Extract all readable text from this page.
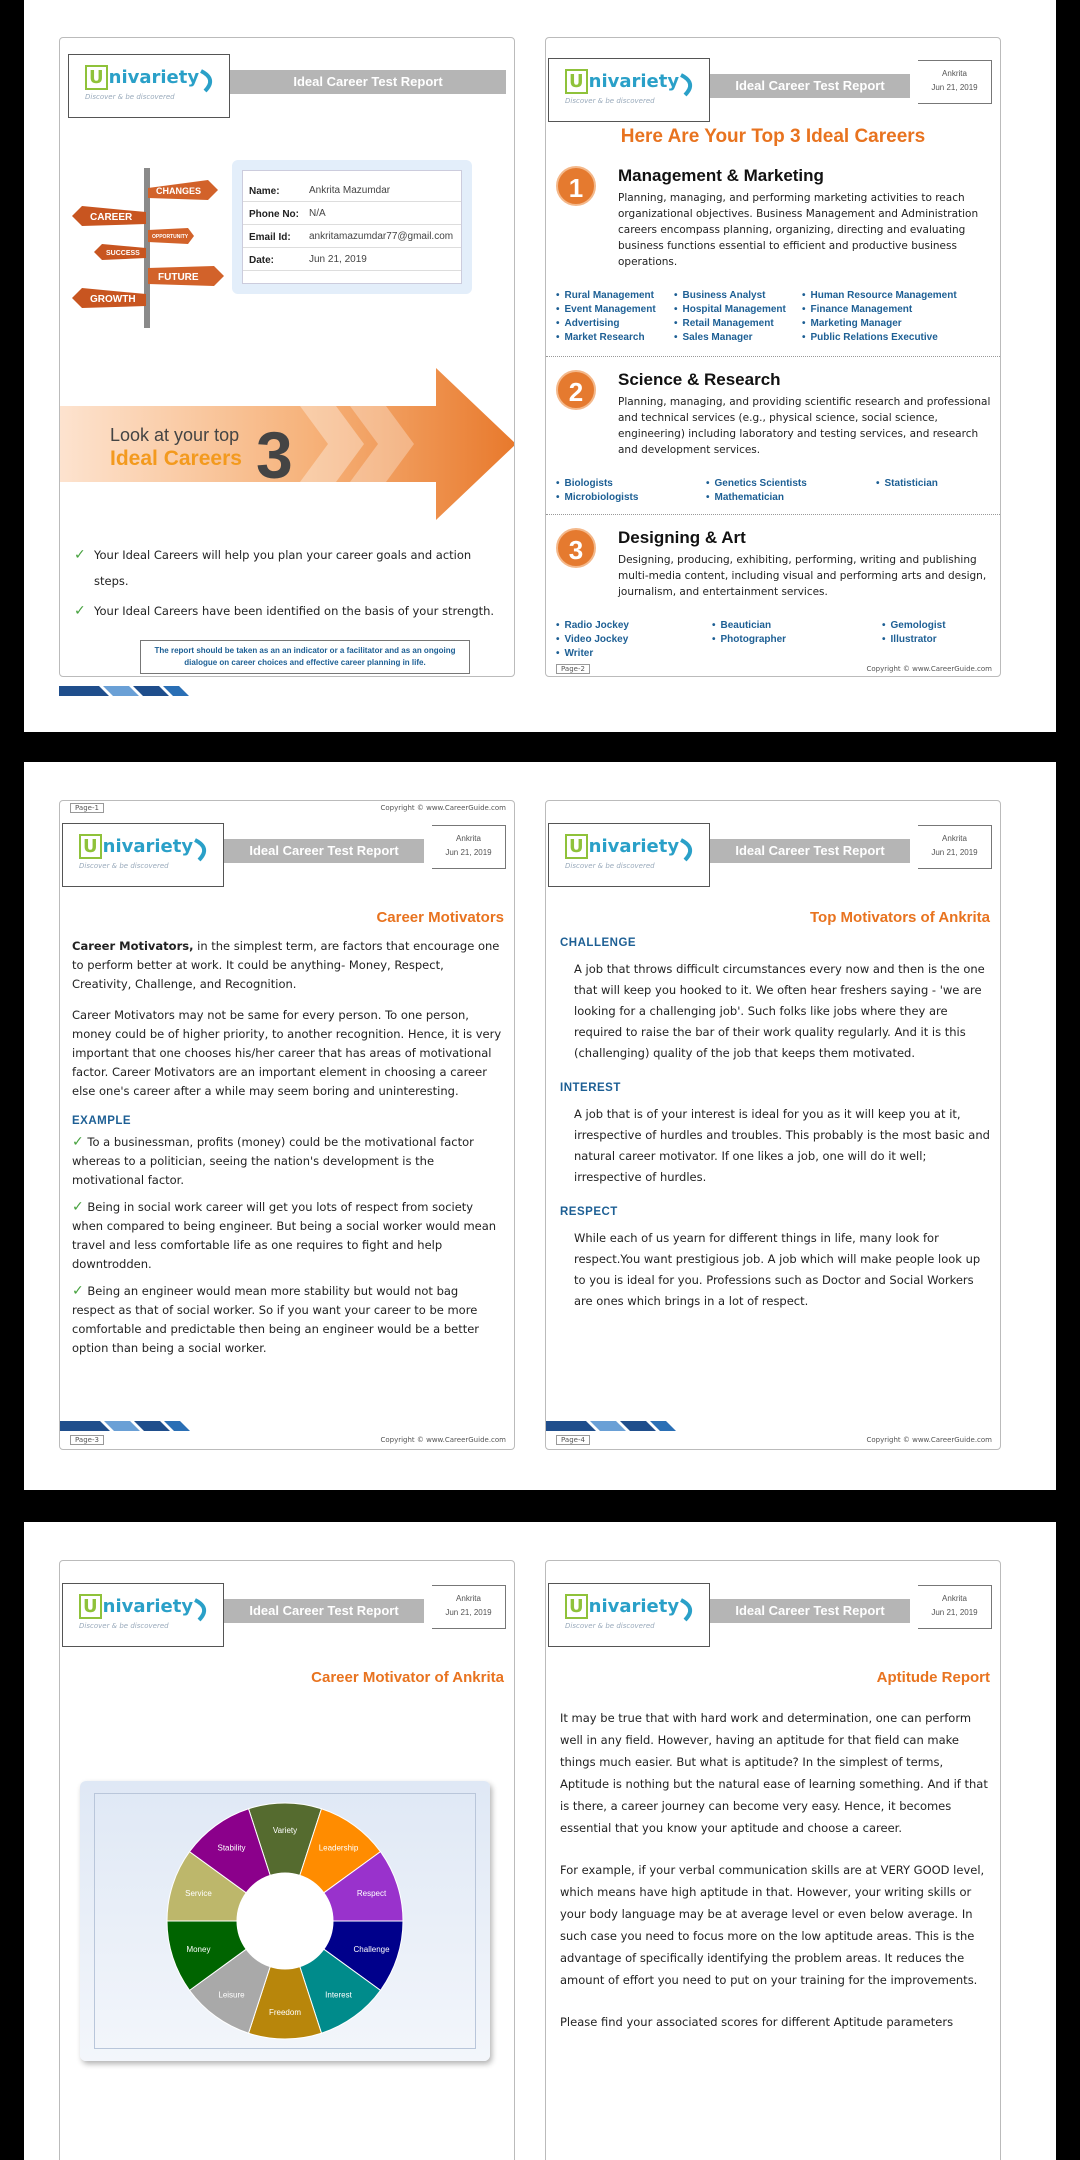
U nivariety
Discover & be discovered
Ideal Career Test Report
CHANGES
CAREER
OPPORTUNITY
SUCCESS
FUTURE
GROWTH
Name:	Ankrita Mazumdar
Phone No: N/A
Email Id: ankritamazumdar77@gmail.com
Date:	Jun 21, 2019
Look at your top
Ideal Careers 3
✓ Your Ideal Careers will help you plan your career goals and action steps.
✓ Your Ideal Careers have been identified on the basis of your strength.
The report should be taken as an an indicator or a facilitator and as an ongoing dialogue on career choices and effective career planning in life.
U nivariety
Discover & be discovered
Ideal Career Test Report
Ankrita
Jun 21, 2019
Here Are Your Top 3 Ideal Careers
1	Management & Marketing
Planning, managing, and performing marketing activities to reach organizational objectives. Business Management and Administration careers encompass planning, organizing, directing and evaluating business functions essential to efficient and productive business operations.
• Rural Management	• Business Analyst	• Human Resource Management
• Event Management	• Hospital Management	• Finance Management
• Advertising	• Retail Management	• Marketing Manager
• Market Research	• Sales Manager	• Public Relations Executive
2	Science & Research
Planning, managing, and providing scientific research and professional and technical services (e.g., physical science, social science, engineering) including laboratory and testing services, and research and development services.
• Biologists	• Genetics Scientists	• Statistician
• Microbiologists	• Mathematician
3	Designing & Art
Designing, producing, exhibiting, performing, writing and publishing multi-media content, including visual and performing arts and design, journalism, and entertainment services.
• Radio Jockey	• Beautician	• Gemologist
• Video Jockey	• Photographer	• Illustrator
• Writer
Page-2	Copyright © www.CareerGuide.com
Page-1	Copyright © www.CareerGuide.com
U nivariety
Discover & be discovered
Ideal Career Test Report
Ankrita
Jun 21, 2019
Career Motivators

Career Motivators, in the simplest term, are factors that encourage one to perform better at work. It could be anything- Money, Respect, Creativity, Challenge, and Recognition.

Career Motivators may not be same for every person. To one person, money could be of higher priority, to another recognition. Hence, it is very important that one chooses his/her career that has areas of motivational factor. Career Motivators are an important element in choosing a career else one's career after a while may seem boring and uninteresting.

EXAMPLE

✓ To a businessman, profits (money) could be the motivational factor whereas to a politician, seeing the nation's development is the motivational factor.

✓ Being in social work career will get you lots of respect from society when compared to being engineer. But being a social worker would mean travel and less comfortable life as one requires to fight and help downtrodden.

✓ Being an engineer would mean more stability but would not bag respect as that of social worker. So if you want your career to be more comfortable and predictable then being an engineer would be a better option than being a social worker.

Page-3	Copyright © www.CareerGuide.com
U nivariety
Discover & be discovered
Ideal Career Test Report
Ankrita
Jun 21, 2019
Top Motivators of Ankrita
CHALLENGE

A job that throws difficult circumstances every now and then is the one that will keep you hooked to it. We often hear freshers saying - 'we are looking for a challenging job'. Such folks like jobs where they are required to raise the bar of their work quality regularly. And it is this (challenging) quality of the job that keeps them motivated.

INTEREST

A job that is of your interest is ideal for you as it will keep you at it, irrespective of hurdles and troubles. This probably is the most basic and natural career motivator. If one likes a job, one will do it well; irrespective of hurdles.

RESPECT

While each of us yearn for different things in life, many look for respect.You want prestigious job. A job which will make people look up to you is ideal for you. Professions such as Doctor and Social Workers are ones which brings in a lot of respect.

Page-4	Copyright © www.CareerGuide.com
U nivariety
Discover & be discovered
Ideal Career Test Report
Ankrita
Jun 21, 2019
Career Motivator of Ankrita
Variety
Leadership
Respect
Challenge
Interest
Freedom
Leisure
Money
Service
Stability
U nivariety
Discover & be discovered
Ideal Career Test Report
Ankrita
Jun 21, 2019
Aptitude Report

It may be true that with hard work and determination, one can perform well in any field. However, having an aptitude for that field can make things much easier. But what is aptitude? In the simplest of terms, Aptitude is nothing but the natural ease of learning something. And if that is there, a career journey can become very easy. Hence, it becomes essential that you know your aptitude and choose a career.

For example, if your verbal communication skills are at VERY GOOD level, which means have high aptitude in that. However, your writing skills or your body language may be at average level or even below average. In such case you need to focus more on the low aptitude areas. This is the advantage of specifically identifying the problem areas. It reduces the amount of effort you need to put on your training for the improvements.

Please find your associated scores for different Aptitude parameters
